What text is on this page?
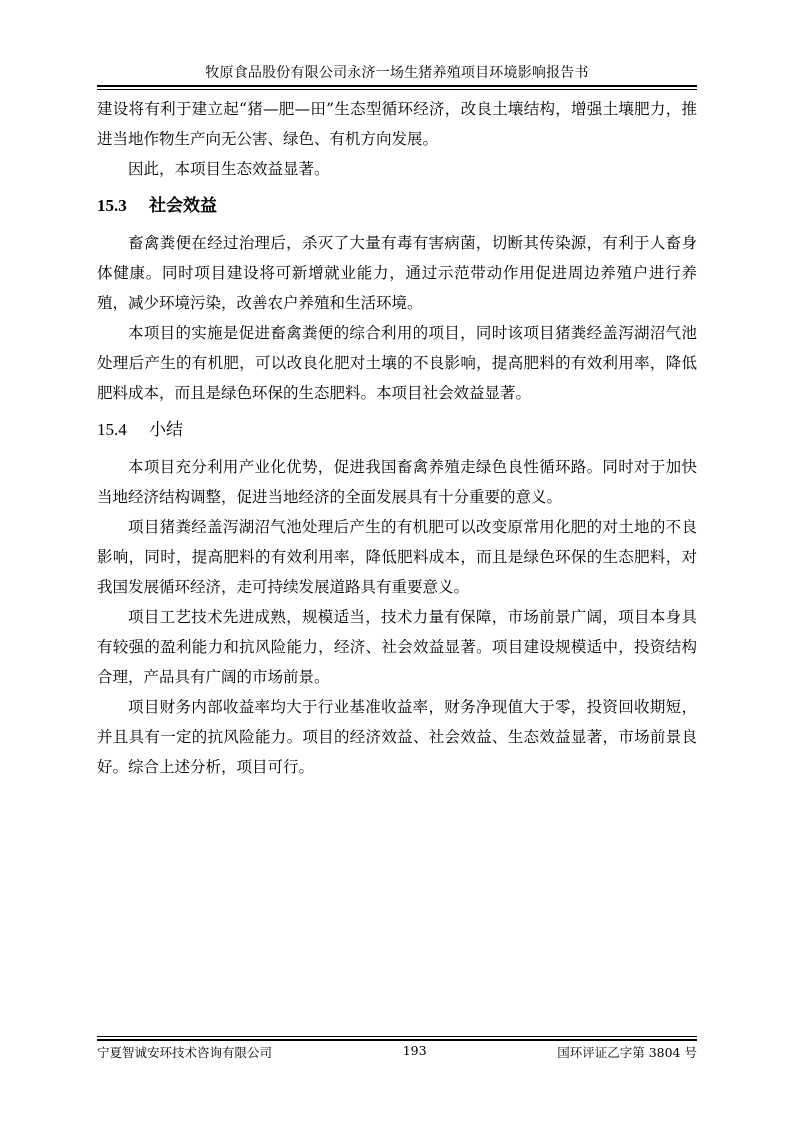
牧原食品股份有限公司永济一场生猪养殖项目环境影响报告书

建设将有利于建立起“猪—肥—田”生态型循环经济，改良土壤结构，增强土壤肥力，推进当地作物生产向无公害、绿色、有机方向发展。

因此，本项目生态效益显著。

15.3 社会效益

畜禽粪便在经过治理后，杀灭了大量有毒有害病菌，切断其传染源，有利于人畜身体健康。同时项目建设将可新增就业能力，通过示范带动作用促进周边养殖户进行养殖，减少环境污染，改善农户养殖和生活环境。

本项目的实施是促进畜禽粪便的综合利用的项目，同时该项目猪粪经盖泻湖沼气池处理后产生的有机肥，可以改良化肥对土壤的不良影响，提高肥料的有效利用率，降低肥料成本，而且是绿色环保的生态肥料。本项目社会效益显著。

15.4 小结

本项目充分利用产业化优势，促进我国畜禽养殖走绿色良性循环路。同时对于加快当地经济结构调整，促进当地经济的全面发展具有十分重要的意义。

项目猪粪经盖泻湖沼气池处理后产生的有机肥可以改变原常用化肥的对土地的不良影响，同时，提高肥料的有效利用率，降低肥料成本，而且是绿色环保的生态肥料，对我国发展循环经济，走可持续发展道路具有重要意义。

项目工艺技术先进成熟，规模适当，技术力量有保障，市场前景广阔，项目本身具有较强的盈利能力和抗风险能力，经济、社会效益显著。项目建设规模适中，投资结构合理，产品具有广阔的市场前景。

项目财务内部收益率均大于行业基准收益率，财务净现值大于零，投资回收期短，并且具有一定的抗风险能力。项目的经济效益、社会效益、生态效益显著，市场前景良好。综合上述分析，项目可行。

宁夏智诚安环技术咨询有限公司	193	国环评证乙字第 3804 号
